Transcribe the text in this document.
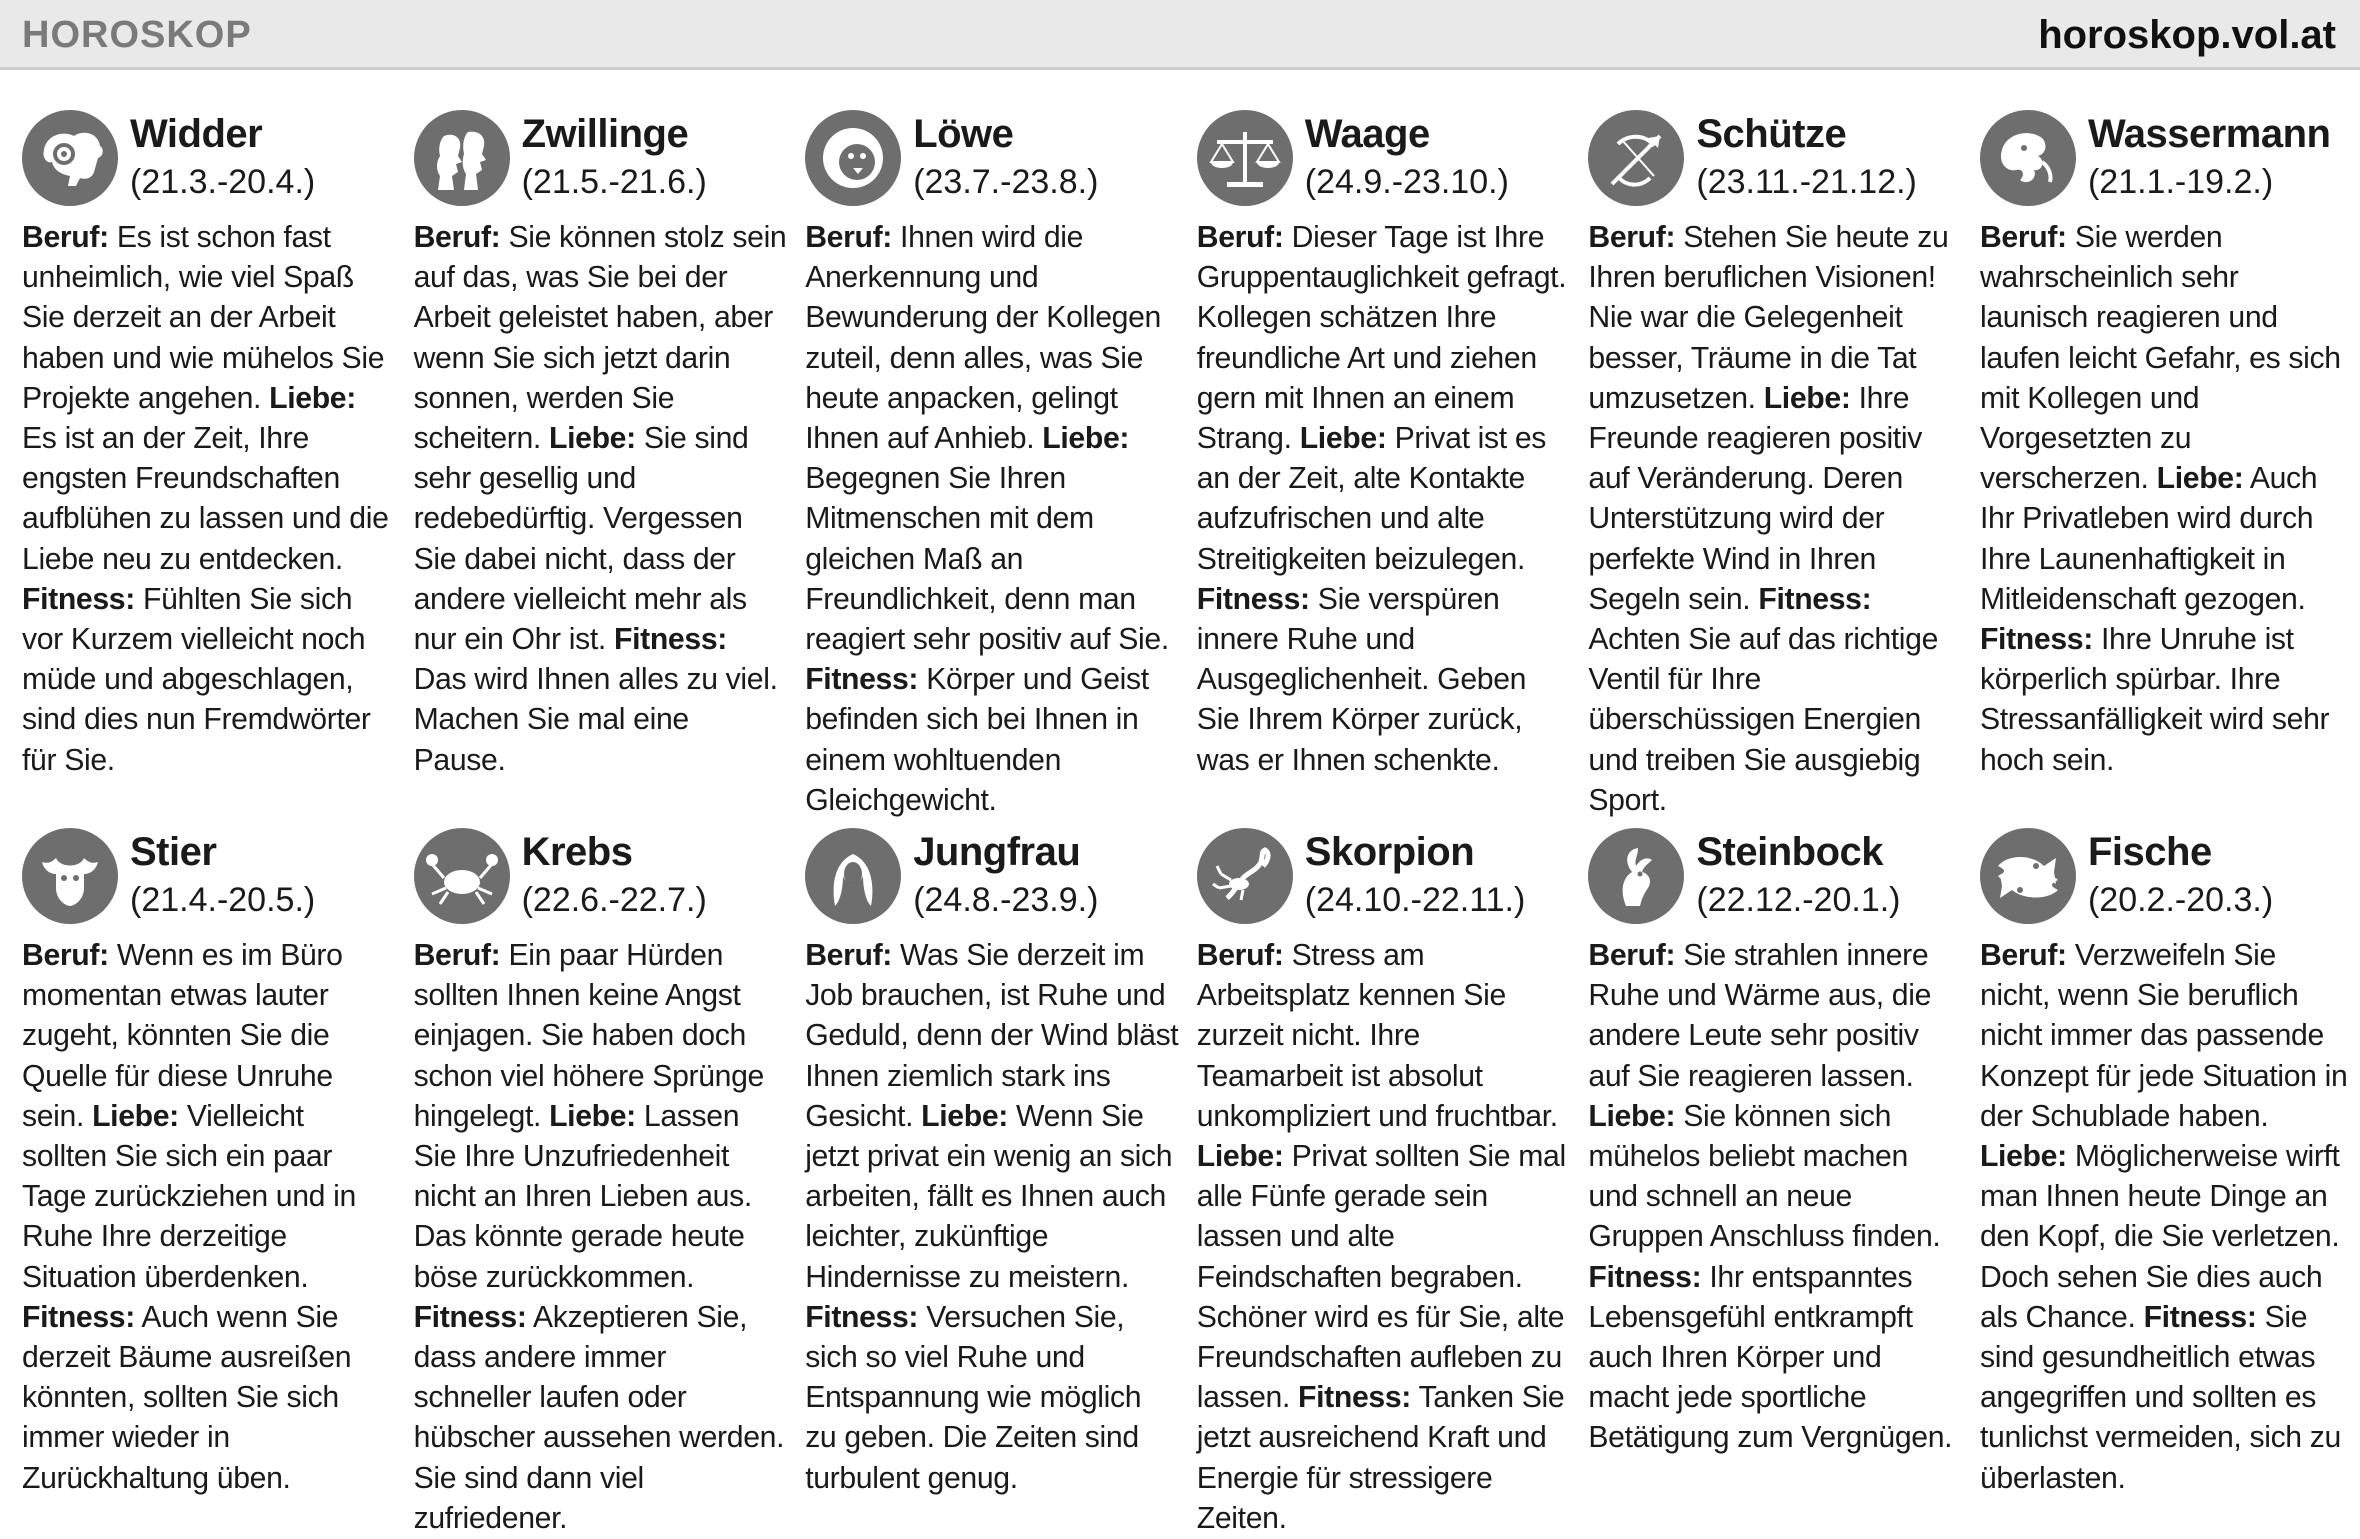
HOROSKOP	horoskop.vol.at
Widder
(21.3.-20.4.)
Beruf: Es ist schon fast unheimlich, wie viel Spaß Sie derzeit an der Arbeit haben und wie mühelos Sie Projekte angehen. Liebe: Es ist an der Zeit, Ihre engsten Freundschaften aufblühen zu lassen und die Liebe neu zu entdecken. Fitness: Fühlten Sie sich vor Kurzem vielleicht noch müde und abgeschlagen, sind dies nun Fremdwörter für Sie.
Zwillinge
(21.5.-21.6.)
Beruf: Sie können stolz sein auf das, was Sie bei der Arbeit geleistet haben, aber wenn Sie sich jetzt darin sonnen, werden Sie scheitern. Liebe: Sie sind sehr gesellig und redebedürftig. Vergessen Sie dabei nicht, dass der andere vielleicht mehr als nur ein Ohr ist. Fitness: Das wird Ihnen alles zu viel. Machen Sie mal eine Pause.
Löwe
(23.7.-23.8.)
Beruf: Ihnen wird die Anerkennung und Bewunderung der Kollegen zuteil, denn alles, was Sie heute anpacken, gelingt Ihnen auf Anhieb. Liebe: Begegnen Sie Ihren Mitmenschen mit dem gleichen Maß an Freundlichkeit, denn man reagiert sehr positiv auf Sie. Fitness: Körper und Geist befinden sich bei Ihnen in einem wohltuenden Gleichgewicht.
Waage
(24.9.-23.10.)
Beruf: Dieser Tage ist Ihre Gruppentauglichkeit gefragt. Kollegen schätzen Ihre freundliche Art und ziehen gern mit Ihnen an einem Strang. Liebe: Privat ist es an der Zeit, alte Kontakte aufzufrischen und alte Streitigkeiten beizulegen. Fitness: Sie verspüren innere Ruhe und Ausgeglichenheit. Geben Sie Ihrem Körper zurück, was er Ihnen schenkte.
Schütze
(23.11.-21.12.)
Beruf: Stehen Sie heute zu Ihren beruflichen Visionen! Nie war die Gelegenheit besser, Träume in die Tat umzusetzen. Liebe: Ihre Freunde reagieren positiv auf Veränderung. Deren Unterstützung wird der perfekte Wind in Ihren Segeln sein. Fitness: Achten Sie auf das richtige Ventil für Ihre überschüssigen Energien und treiben Sie ausgiebig Sport.
Wassermann
(21.1.-19.2.)
Beruf: Sie werden wahrscheinlich sehr launisch reagieren und laufen leicht Gefahr, es sich mit Kollegen und Vorgesetzten zu verscherzen. Liebe: Auch Ihr Privatleben wird durch Ihre Launenhaftigkeit in Mitleidenschaft gezogen. Fitness: Ihre Unruhe ist körperlich spürbar. Ihre Stressanfälligkeit wird sehr hoch sein.
Stier
(21.4.-20.5.)
Beruf: Wenn es im Büro momentan etwas lauter zugeht, könnten Sie die Quelle für diese Unruhe sein. Liebe: Vielleicht sollten Sie sich ein paar Tage zurückziehen und in Ruhe Ihre derzeitige Situation überdenken. Fitness: Auch wenn Sie derzeit Bäume ausreißen könnten, sollten Sie sich immer wieder in Zurückhaltung üben.
Krebs
(22.6.-22.7.)
Beruf: Ein paar Hürden sollten Ihnen keine Angst einjagen. Sie haben doch schon viel höhere Sprünge hingelegt. Liebe: Lassen Sie Ihre Unzufriedenheit nicht an Ihren Lieben aus. Das könnte gerade heute böse zurückkommen. Fitness: Akzeptieren Sie, dass andere immer schneller laufen oder hübscher aussehen werden. Sie sind dann viel zufriedener.
Jungfrau
(24.8.-23.9.)
Beruf: Was Sie derzeit im Job brauchen, ist Ruhe und Geduld, denn der Wind bläst Ihnen ziemlich stark ins Gesicht. Liebe: Wenn Sie jetzt privat ein wenig an sich arbeiten, fällt es Ihnen auch leichter, zukünftige Hindernisse zu meistern. Fitness: Versuchen Sie, sich so viel Ruhe und Entspannung wie möglich zu geben. Die Zeiten sind turbulent genug.
Skorpion
(24.10.-22.11.)
Beruf: Stress am Arbeitsplatz kennen Sie zurzeit nicht. Ihre Teamarbeit ist absolut unkompliziert und fruchtbar. Liebe: Privat sollten Sie mal alle Fünfe gerade sein lassen und alte Feindschaften begraben. Schöner wird es für Sie, alte Freundschaften aufleben zu lassen. Fitness: Tanken Sie jetzt ausreichend Kraft und Energie für stressigere Zeiten.
Steinbock
(22.12.-20.1.)
Beruf: Sie strahlen innere Ruhe und Wärme aus, die andere Leute sehr positiv auf Sie reagieren lassen. Liebe: Sie können sich mühelos beliebt machen und schnell an neue Gruppen Anschluss finden. Fitness: Ihr entspanntes Lebensgefühl entkrampft auch Ihren Körper und macht jede sportliche Betätigung zum Vergnügen.
Fische
(20.2.-20.3.)
Beruf: Verzweifeln Sie nicht, wenn Sie beruflich nicht immer das passende Konzept für jede Situation in der Schublade haben. Liebe: Möglicherweise wirft man Ihnen heute Dinge an den Kopf, die Sie verletzen. Doch sehen Sie dies auch als Chance. Fitness: Sie sind gesundheitlich etwas angegriffen und sollten es tunlichst vermeiden, sich zu überlasten.
